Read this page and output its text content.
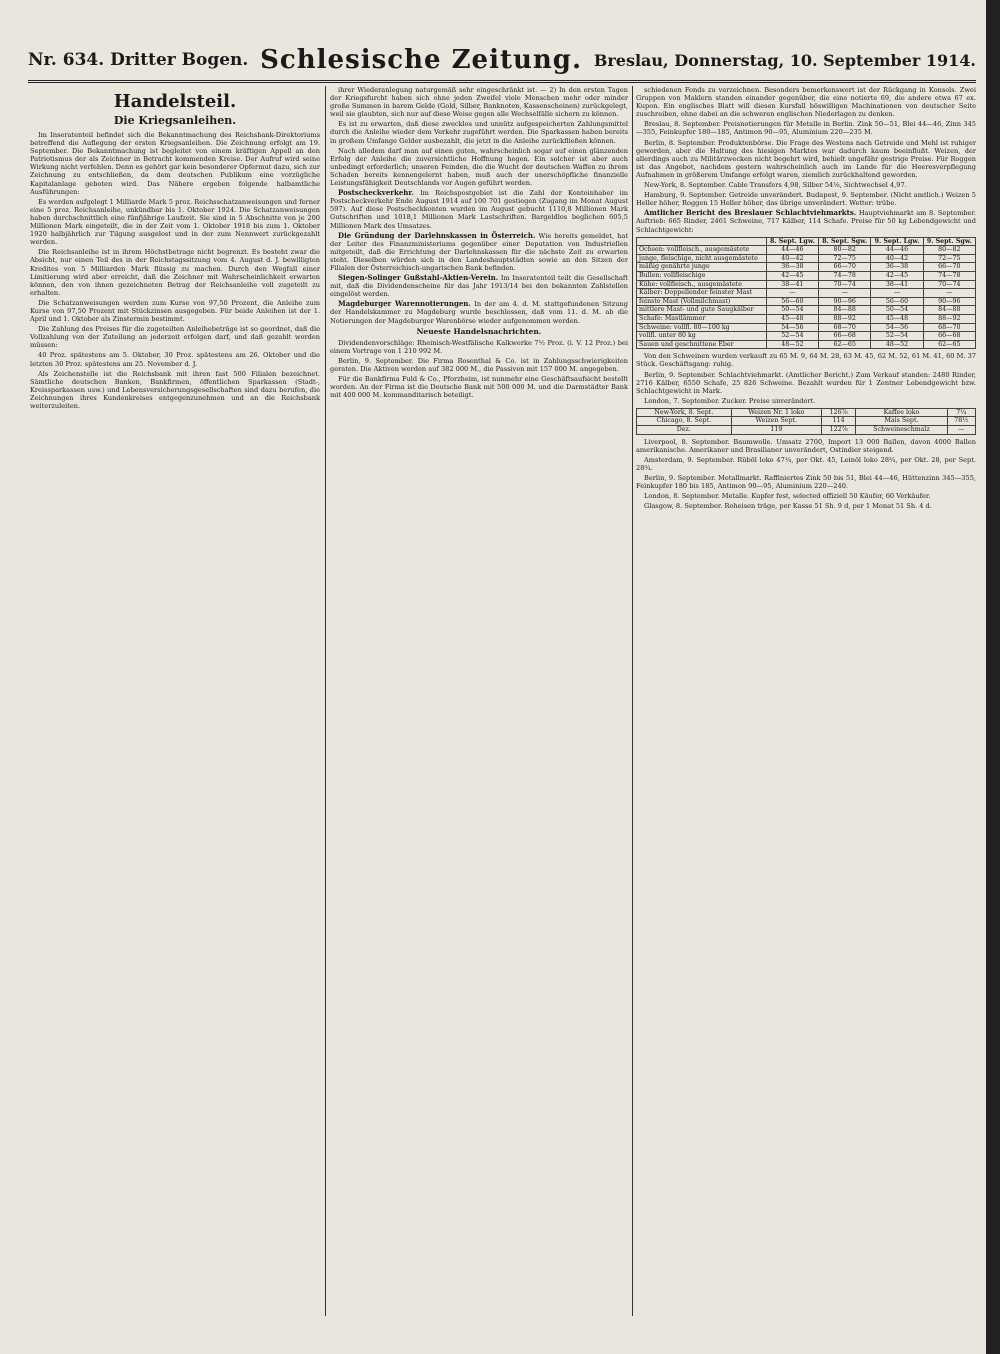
Nr. 634. Dritter Bogen. Schlesische Zeitung. Breslau, Donnerstag, 10. September 1914.
Handelsteil.
Die Kriegsanleihen.

Im Inseratenteil befindet sich die Bekanntmachung des Reichsbank-Direktoriums betreffend die Auflegung der ersten Kriegsanleihen. Die Zeichnung erfolgt am 19. September. Die Bekanntmachung ist begleitet von einem kräftigen Appell an den Patriotismus der als Zeichner in Betracht kommenden Kreise. Der Aufruf wird seine Wirkung nicht verfehlen. Denn es gehört gar kein besonderer Opfermut dazu, sich zur Zeichnung zu entschließen, da dem deutschen Publikum eine vorzügliche Kapitalanlage geboten wird. Das Nähere ergeben folgende halbamtliche Ausführungen:

Es werden aufgelegt 1 Milliarde Mark 5 proz. Reichsschatzanweisungen und ferner eine 5 proz. Reichsanleihe, unkündbar bis 1. Oktober 1924. Die Schatzanweisungen haben durchschnittlich eine fünfjährige Laufzeit. Sie sind in 5 Abschnitte von je 200 Millionen Mark eingeteilt, die in der Zeit vom 1. Oktober 1918 bis zum 1. Oktober 1920 halbjährlich zur Tilgung ausgelost und in der zum Nennwert zurückgezahlt werden.

Die Reichsanleihe ist in ihrem Höchstbetrage nicht begrenzt. Es besteht zwar die Absicht, nur einen Teil des in der Reichstagssitzung vom 4. August d. J. bewilligten Kredites von 5 Milliarden Mark flüssig zu machen. Durch den Wegfall einer Limitierung wird aber erreicht, daß die Zeichner mit Wahrscheinlichkeit erwarten können, den von ihnen gezeichneten Betrag der Reichsanleihe voll zugeteilt zu erhalten.

Die Schatzanweisungen werden zum Kurse von 97,50 Prozent, die Anleihe zum Kurse von 97,50 Prozent mit Stückzinsen ausgegeben. Für beide Anleihen ist der 1. April und 1. Oktober als Zinstermin bestimmt.

Die Zahlung des Preises für die zugeteilten Anleihebeträge ist so geordnet, daß die Vollzahlung von der Zuteilung an jederzeit erfolgen darf, und daß gezahlt werden müssen:

40 Proz. spätestens am 5. Oktober, 30 Proz. spätestens am 26. Oktober und die letzten 30 Proz. spätestens am 25. November d. J.

Als Zeichenstelle ist die Reichsbank mit ihren fast 500 Filialen bezeichnet. Sämtliche deutschen Banken, Bankfirmen, öffentlichen Sparkassen (Stadt-, Kreissparkassen usw.) und Lebensversicherungsgesellschaften sind dazu berufen, die Zeichnungen ihres Kundenkreises entgegenzunehmen und an die Reichsbank weiterzuleiten.

ihrer Wiederanlegung naturgemäß sehr eingeschränkt ist. — 2) In den ersten Tagen der Kriegsfurcht haben sich ohne jeden Zweifel viele Menschen mehr oder minder große Summen in barem Gelde (Gold, Silber, Banknoten, Kassenscheinen) zurückgelegt, weil sie glaubten, sich nur auf diese Weise gegen alle Wechselfälle sichern zu können.

Es ist zu erwarten, daß diese zwecklos und unnütz aufgespeicherten Zahlungsmittel durch die Anleihe wieder dem Verkehr zugeführt werden. Die Sparkassen haben bereits in großem Umfange Gelder ausbezahlt, die jetzt in die Anleihe zurückfließen können.

Nach alledem darf man auf einen guten, wahrscheinlich sogar auf einen glänzenden Erfolg der Anleihe die zuversichtliche Hoffnung hegen. Ein solcher ist aber auch unbedingt erforderlich; unseren Feinden, die die Wucht der deutschen Waffen zu ihrem Schaden bereits kennengelernt haben, muß auch der unerschöpfliche finanzielle Leistungsfähigkeit Deutschlands vor Augen geführt werden.

Postscheckverkehr. Im Reichspostgebiet ist die Zahl der Kontoinhaber im Postscheckverkehr Ende August 1914 auf 100 701 gestiegen (Zugang im Monat August 597). Auf diese Postscheckkonten wurden im August gebucht 1110,8 Millionen Mark Gutschriften und 1018,1 Millionen Mark Lastschriften. Bargeldlos beglichen 605,5 Millionen Mark des Umsatzes.

Die Gründung der Darlehnskassen in Österreich. Wie bereits gemeldet, hat der Leiter des Finanzministeriums gegenüber einer Deputation von Industriellen mitgeteilt, daß die Errichtung der Darlehnskassen für die nächste Zeit zu erwarten steht. Dieselben würden sich in den Landeshauptstädten sowie an den Sitzen der Filialen der Österreichisch-ungarischen Bank befinden.

Siegen-Solinger Gußstahl-Aktien-Verein. Im Inseratenteil teilt die Gesellschaft mit, daß die Dividendenscheine für das Jahr 1913/14 bei den bekannten Zahlstellen eingelöst werden.

Magdeburger Warennotierungen. In der am 4. d. M. stattgefundenen Sitzung der Handelskammer zu Magdeburg wurde beschlossen, daß vom 11. d. M. ab die Notierungen der Magdeburger Warenbörse wieder aufgenommen werden.

Neueste Handelsnachrichten.

Dividendenvorschläge: Rheinisch-Westfälische Kalkwerke 7½ Proz. (i. V. 12 Proz.) bei einem Vortrage von 1 210 992 M.

Berlin, 9. September. Die Firma Rosenthal & Co. ist in Zahlungsschwierigkeiten geraten. Die Aktiven werden auf 382 000 M., die Passiven mit 157 000 M. angegeben.

Für die Bankfirma Fuld & Co., Pforzheim, ist nunmehr eine Geschäftsaufsicht bestellt worden. An der Firma ist die Deutsche Bank mit 500 000 M. und die Darmstädter Bank mit 400 000 M. kommanditarisch beteiligt.

schiedenen Fonds zu verzeichnen. Besonders bemerkenswert ist der Rückgang in Konsols. Zwei Gruppen von Maklern standen einander gegenüber, die eine notierte 69, die andere etwa 67 ex. Kupon. Ein englisches Blatt will diesen Kursfall böswilligen Machinationen von deutscher Seite zuschreiben, ohne dabei an die schweren englischen Niederlagen zu denken.

Breslau, 8. September. Preisnotierungen für Metalle in Berlin. Zink 50—51, Blei 44—46, Zinn 345—355, Feinkupfer 180—185, Antimon 90—95, Aluminium 220—235 M.

Berlin, 8. September. Produktenbörse. Die Frage des Westens nach Getreide und Mehl ist ruhiger geworden, aber die Haltung des hiesigen Marktes war dadurch kaum beeinflußt. Weizen, der allerdings auch zu Militärzwecken nicht begehrt wird, behielt ungefähr gestrige Preise. Für Roggen ist das Angebot, nachdem gestern wahrscheinlich auch im Lande für die Heeresverpflegung Aufnahmen in größerem Umfange erfolgt waren, ziemlich zurückhaltend geworden.

New-York, 8. September. Cable Transfers 4,98, Silber 54⅛, Sichtwechsel 4,97.

Hamburg, 9. September. Getreide unverändert. Budapest, 9. September. (Nicht amtlich.) Weizen 5 Heller höher, Roggen 15 Heller höher, das übrige unverändert. Wetter: trübe.

Amtlicher Bericht des Breslauer Schlachtviehmarkts. Hauptviehmarkt am 8. September. Auftrieb: 665 Rinder, 2461 Schweine, 717 Kälber, 114 Schafe. Preise für 50 kg Lebendgewicht und Schlachtgewicht:

	8. Sept. Lgw.	8. Sept. Sgw.	9. Sept. Lgw.	9. Sept. Sgw.
Ochsen: vollfleisch., ausgemästete	44—46	80—82	44—46	80—82
junge, fleischige, nicht ausgemästete	40—42	72—75	40—42	72—75
mäßig genährte junge	36—38	66—70	36—38	66—70
Bullen: vollfleischige	42—45	74—78	42—45	74—78
Kühe: vollfleisch., ausgemästete	38—41	70—74	38—41	70—74
Kälber: Doppellender feinster Mast	—	—	—	—
feinste Mast (Vollmilchmast)	56—60	90—96	56—60	90—96
mittlere Mast- und gute Saugkälber	50—54	84—88	50—54	84—88
Schafe: Mastlämmer	45—48	88—92	45—48	88—92
Schweine: vollfl. 80—100 kg	54—56	68—70	54—56	68—70
vollfl. unter 80 kg	52—54	66—68	52—54	66—68
Sauen und geschnittene Eber	48—52	62—65	48—52	62—65

Von den Schweinen wurden verkauft zu 65 M. 9, 64 M. 28, 63 M. 45, 62 M. 52, 61 M. 41, 60 M. 37 Stück. Geschäftsgang: ruhig.

Berlin, 9. September. Schlachtviehmarkt. (Amtlicher Bericht.) Zum Verkauf standen: 2480 Rinder, 2716 Kälber, 6550 Schafe, 25 826 Schweine. Bezahlt wurden für 1 Zentner Lebendgewicht bzw. Schlachtgewicht in Mark.

London, 7. September. Zucker. Preise unverändert.

New-York, 8. Sept.	Weizen Nr. 1 loko	126⅞	Kaffee loko	7¼
Chicago, 8. Sept.	Weizen Sept.	114	Mais Sept.	78½
Dez.	119	122⅞	Schweineschmalz	—

Liverpool, 8. September. Baumwolle. Umsatz 2700, Import 13 000 Ballen, davon 4000 Ballen amerikanische. Amerikaner und Brasilianer unverändert, Ostindier steigend.

Amsterdam, 9. September. Rüböl loko 47¼, per Okt. 45, Leinöl loko 28¾, per Okt. 28, per Sept. 28¾.

Berlin, 9. September. Metallmarkt. Raffiniertes Zink 50 bis 51, Blei 44—46, Hüttenzinn 345—355, Feinkupfer 180 bis 185, Antimon 90—95, Aluminium 220—240.

London, 8. September. Metalle. Kupfer fest, selected offiziell 50 Käufer, 60 Verkäufer.

Glasgow, 8. September. Roheisen träge, per Kasse 51 Sh. 9 d, per 1 Monat 51 Sh. 4 d.
